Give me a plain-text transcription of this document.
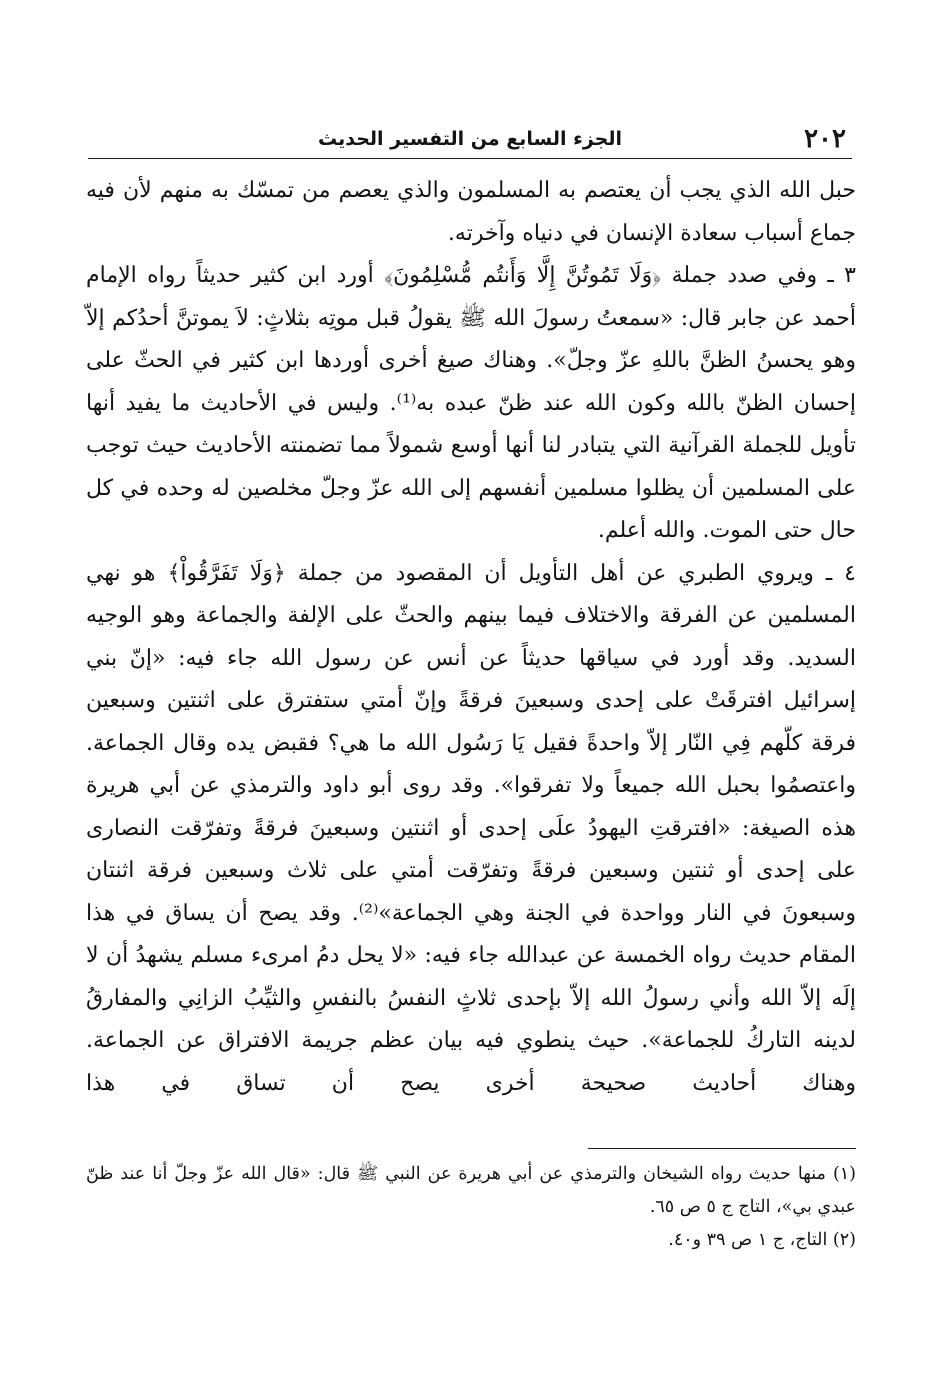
٢٠٢
الجزء السابع من التفسير الحديث

حبل الله الذي يجب أن يعتصم به المسلمون والذي يعصم من تمسّك به منهم لأن فيه جماع أسباب سعادة الإنسان في دنياه وآخرته.

٣ ـ وفي صدد جملة ﴿وَلَا تَمُوتُنَّ إِلَّا وَأَنتُم مُّسْلِمُونَ﴾ أورد ابن كثير حديثاً رواه الإمام أحمد عن جابر قال: «سمعتُ رسولَ الله ﷺ يقولُ قبل موتِه بثلاثٍ: لاَ يموتنَّ أحدُكم إلاّ وهو يحسنُ الظنَّ باللهِ عزّ وجلّ». وهناك صيغ أخرى أوردها ابن كثير في الحثّ على إحسان الظنّ بالله وكون الله عند ظنّ عبده به⁽¹⁾. وليس في الأحاديث ما يفيد أنها تأويل للجملة القرآنية التي يتبادر لنا أنها أوسع شمولاً مما تضمنته الأحاديث حيث توجب على المسلمين أن يظلوا مسلمين أنفسهم إلى الله عزّ وجلّ مخلصين له وحده في كل حال حتى الموت. والله أعلم.

٤ ـ ويروي الطبري عن أهل التأويل أن المقصود من جملة ﴿وَلَا تَفَرَّقُواْ﴾ هو نهي المسلمين عن الفرقة والاختلاف فيما بينهم والحثّ على الإلفة والجماعة وهو الوجيه السديد. وقد أورد في سياقها حديثاً عن أنس عن رسول الله جاء فيه: «إنّ بني إسرائيل افترقَتْ على إحدى وسبعينَ فرقةً وإنّ أمتي ستفترق على اثنتين وسبعين فرقة كلّهم فِي النّار إلاّ واحدةً فقيل يَا رَسُول الله ما هي؟ فقبض يده وقال الجماعة. واعتصمُوا بحبل الله جميعاً ولا تفرقوا». وقد روى أبو داود والترمذي عن أبي هريرة هذه الصيغة: «افترقتِ اليهودُ علَى إحدى أو اثنتين وسبعينَ فرقةً وتفرّقت النصارى على إحدى أو ثنتين وسبعين فرقةً وتفرّقت أمتي على ثلاث وسبعين فرقة اثنتان وسبعونَ في النار وواحدة في الجنة وهي الجماعة»⁽²⁾. وقد يصح أن يساق في هذا المقام حديث رواه الخمسة عن عبدالله جاء فيه: «لا يحل دمُ امرىء مسلم يشهدُ أن لا إلَه إلاّ الله وأني رسولُ الله إلاّ بإحدى ثلاثٍ النفسُ بالنفسِ والثيِّبُ الزانِي والمفارقُ لدينه التاركُ للجماعة». حيث ينطوي فيه بيان عظم جريمة الافتراق عن الجماعة. وهناك أحاديث صحيحة أخرى يصح أن تساق في هذا

(١) منها حديث رواه الشيخان والترمذي عن أبي هريرة عن النبي ﷺ قال: «قال الله عزّ وجلّ أنا عند ظنّ عبدي بي»، التاج ج ٥ ص ٦٥.

(٢) التاج، ج ١ ص ٣٩ و٤٠.
